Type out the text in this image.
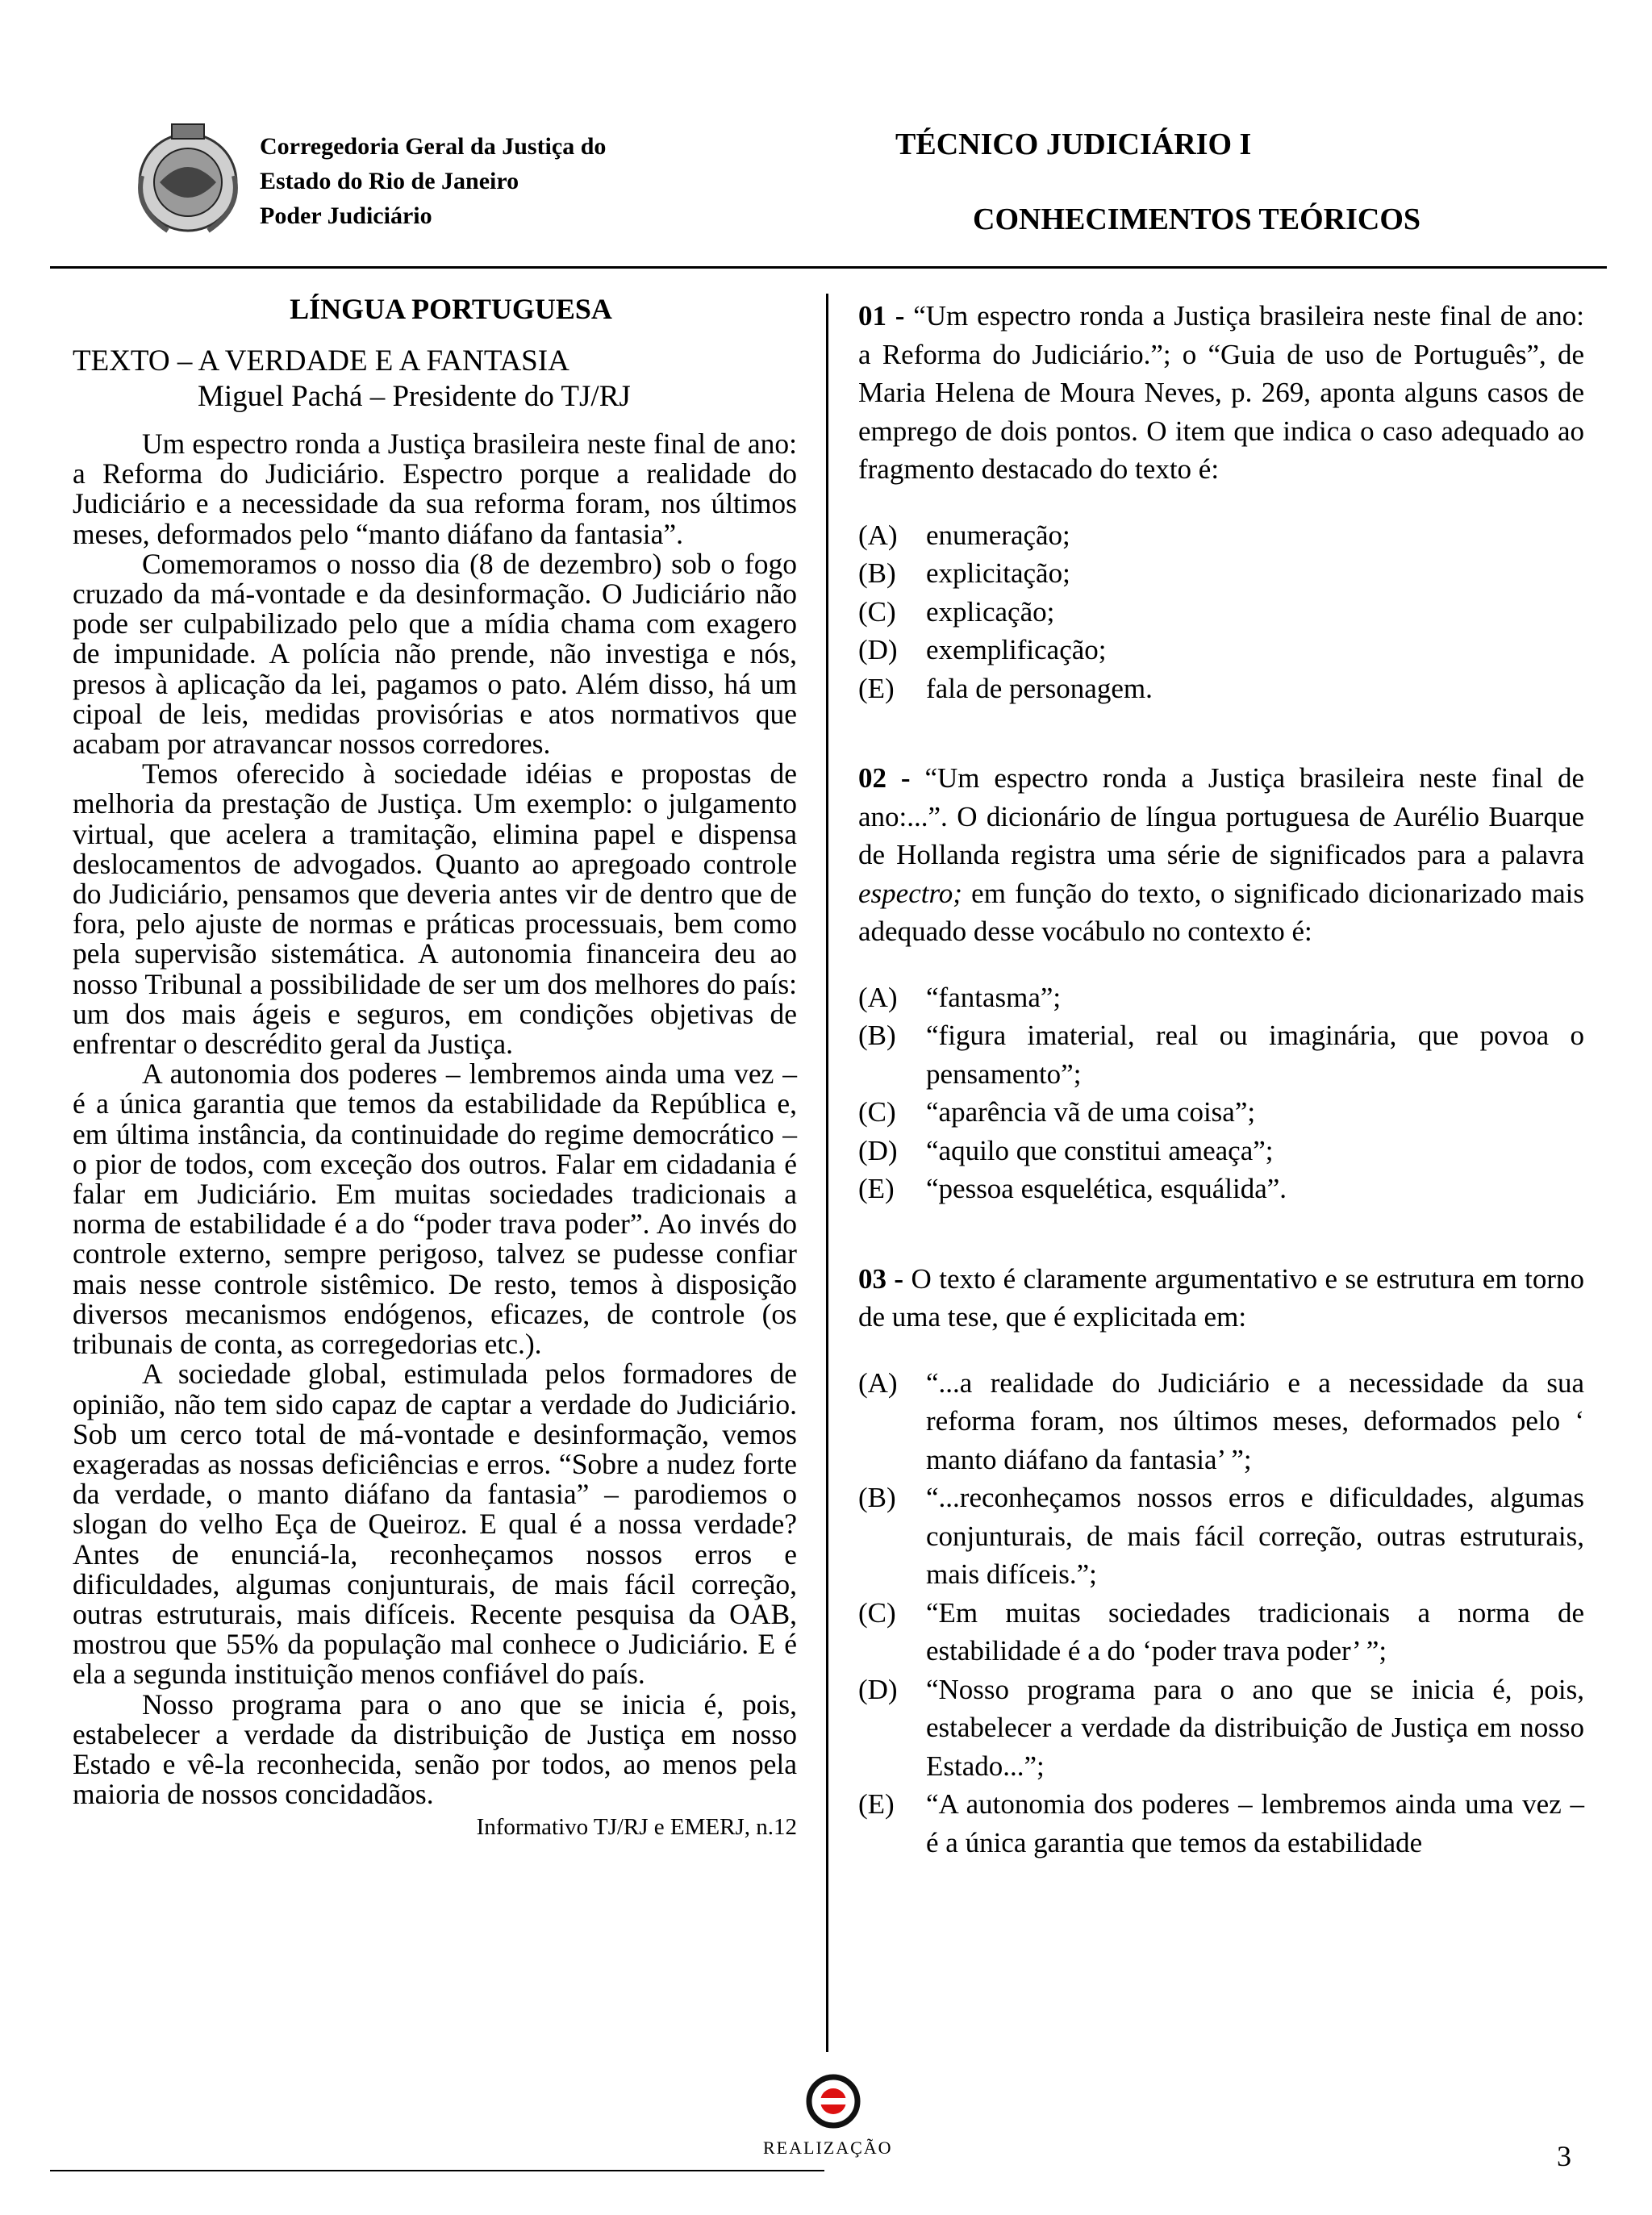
Corregedoria Geral da Justiça do
Estado do Rio de Janeiro
Poder Judiciário
TÉCNICO JUDICIÁRIO I
CONHECIMENTOS TEÓRICOS
LÍNGUA PORTUGUESA
TEXTO – A VERDADE E A FANTASIA
Miguel Pachá – Presidente do TJ/RJ

Um espectro ronda a Justiça brasileira neste final de ano: a Reforma do Judiciário. Espectro porque a realidade do Judiciário e a necessidade da sua reforma foram, nos últimos meses, deformados pelo “manto diáfano da fantasia”.

Comemoramos o nosso dia (8 de dezembro) sob o fogo cruzado da má-vontade e da desinformação. O Judiciário não pode ser culpabilizado pelo que a mídia chama com exagero de impunidade. A polícia não prende, não investiga e nós, presos à aplicação da lei, pagamos o pato. Além disso, há um cipoal de leis, medidas provisórias e atos normativos que acabam por atravancar nossos corredores.

Temos oferecido à sociedade idéias e propostas de melhoria da prestação de Justiça. Um exemplo: o julgamento virtual, que acelera a tramitação, elimina papel e dispensa deslocamentos de advogados. Quanto ao apregoado controle do Judiciário, pensamos que deveria antes vir de dentro que de fora, pelo ajuste de normas e práticas processuais, bem como pela supervisão sistemática. A autonomia financeira deu ao nosso Tribunal a possibilidade de ser um dos melhores do país: um dos mais ágeis e seguros, em condições objetivas de enfrentar o descrédito geral da Justiça.

A autonomia dos poderes – lembremos ainda uma vez – é a única garantia que temos da estabilidade da República e, em última instância, da continuidade do regime democrático – o pior de todos, com exceção dos outros. Falar em cidadania é falar em Judiciário. Em muitas sociedades tradicionais a norma de estabilidade é a do “poder trava poder”. Ao invés do controle externo, sempre perigoso, talvez se pudesse confiar mais nesse controle sistêmico. De resto, temos à disposição diversos mecanismos endógenos, eficazes, de controle (os tribunais de conta, as corregedorias etc.).

A sociedade global, estimulada pelos formadores de opinião, não tem sido capaz de captar a verdade do Judiciário. Sob um cerco total de má-vontade e desinformação, vemos exageradas as nossas deficiências e erros. “Sobre a nudez forte da verdade, o manto diáfano da fantasia” – parodiemos o slogan do velho Eça de Queiroz. E qual é a nossa verdade? Antes de enunciá-la, reconheçamos nossos erros e dificuldades, algumas conjunturais, de mais fácil correção, outras estruturais, mais difíceis. Recente pesquisa da OAB, mostrou que 55% da população mal conhece o Judiciário. E é ela a segunda instituição menos confiável do país.

Nosso programa para o ano que se inicia é, pois, estabelecer a verdade da distribuição de Justiça em nosso Estado e vê-la reconhecida, senão por todos, ao menos pela maioria de nossos concidadãos.

Informativo TJ/RJ e EMERJ, n.12

01 - “Um espectro ronda a Justiça brasileira neste final de ano: a Reforma do Judiciário.”; o “Guia de uso de Português”, de Maria Helena de Moura Neves, p. 269, aponta alguns casos de emprego de dois pontos. O item que indica o caso adequado ao fragmento destacado do texto é:

(A)	enumeração;
(B)	explicitação;
(C)	explicação;
(D)	exemplificação;
(E)	fala de personagem.

02 - “Um espectro ronda a Justiça brasileira neste final de ano:...”. O dicionário de língua portuguesa de Aurélio Buarque de Hollanda registra uma série de significados para a palavra espectro; em função do texto, o significado dicionarizado mais adequado desse vocábulo no contexto é:

(A)	“fantasma”;
(B)	“figura imaterial, real ou imaginária, que povoa o pensamento”;
(C)	“aparência vã de uma coisa”;
(D)	“aquilo que constitui ameaça”;
(E)	“pessoa esquelética, esquálida”.

03 - O texto é claramente argumentativo e se estrutura em torno de uma tese, que é explicitada em:

(A)	“...a realidade do Judiciário e a necessidade da sua reforma foram, nos últimos meses, deformados pelo ‘ manto diáfano da fantasia’ ”;
(B)	“...reconheçamos nossos erros e dificuldades, algumas conjunturais, de mais fácil correção, outras estruturais, mais difíceis.”;
(C)	“Em muitas sociedades tradicionais a norma de estabilidade é a do ‘poder trava poder’ ”;
(D)	“Nosso programa para o ano que se inicia é, pois, estabelecer a verdade da distribuição de Justiça em nosso Estado...”;
(E)	“A autonomia dos poderes – lembremos ainda uma vez – é a única garantia que temos da estabilidade
REALIZAÇÃO	3
